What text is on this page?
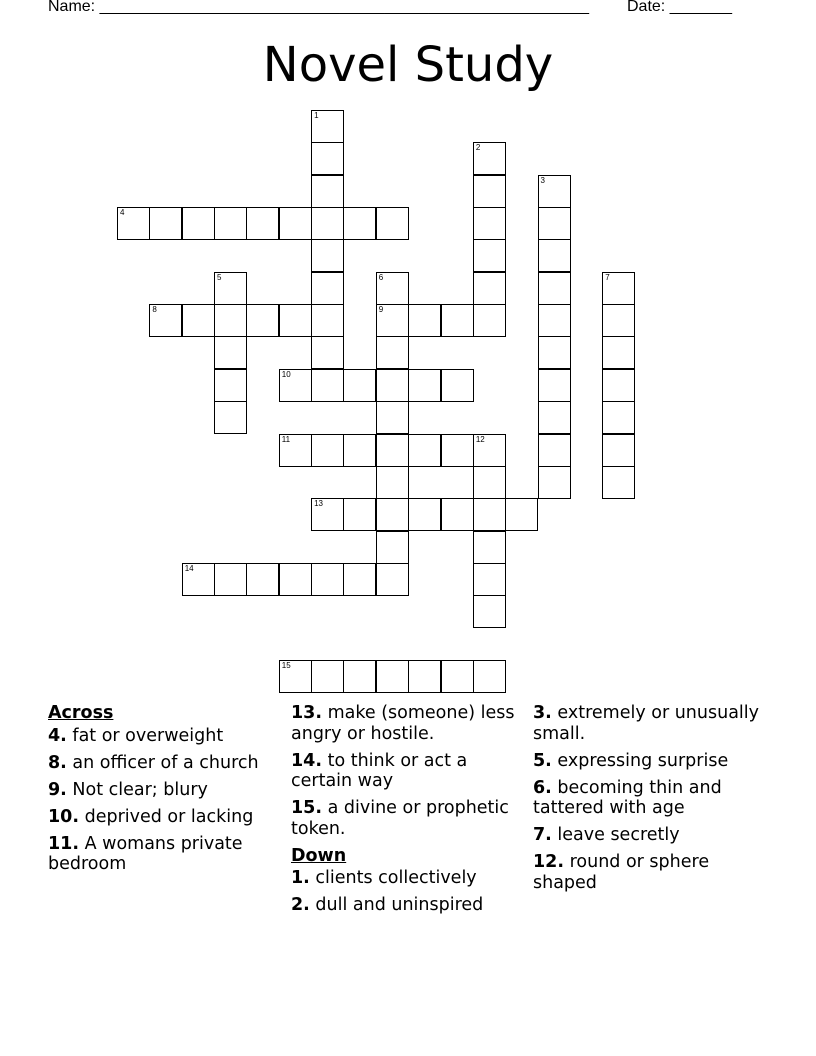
Name: _______________________________________________________ Date: _______
Novel Study
1
2
3
4
5	6
9
7
8
10
11	12
13
14
15
Across
4. fat or overweight
8. an officer of a church
9. Not clear; blury
10. deprived or lacking
11. A womans private bedroom
13. make (someone) less angry or hostile.
14. to think or act a certain way
15. a divine or prophetic token.
Down
1. clients collectively
2. dull and uninspired
3. extremely or unusually small.
5. expressing surprise
6. becoming thin and tattered with age
7. leave secretly
12. round or sphere shaped
